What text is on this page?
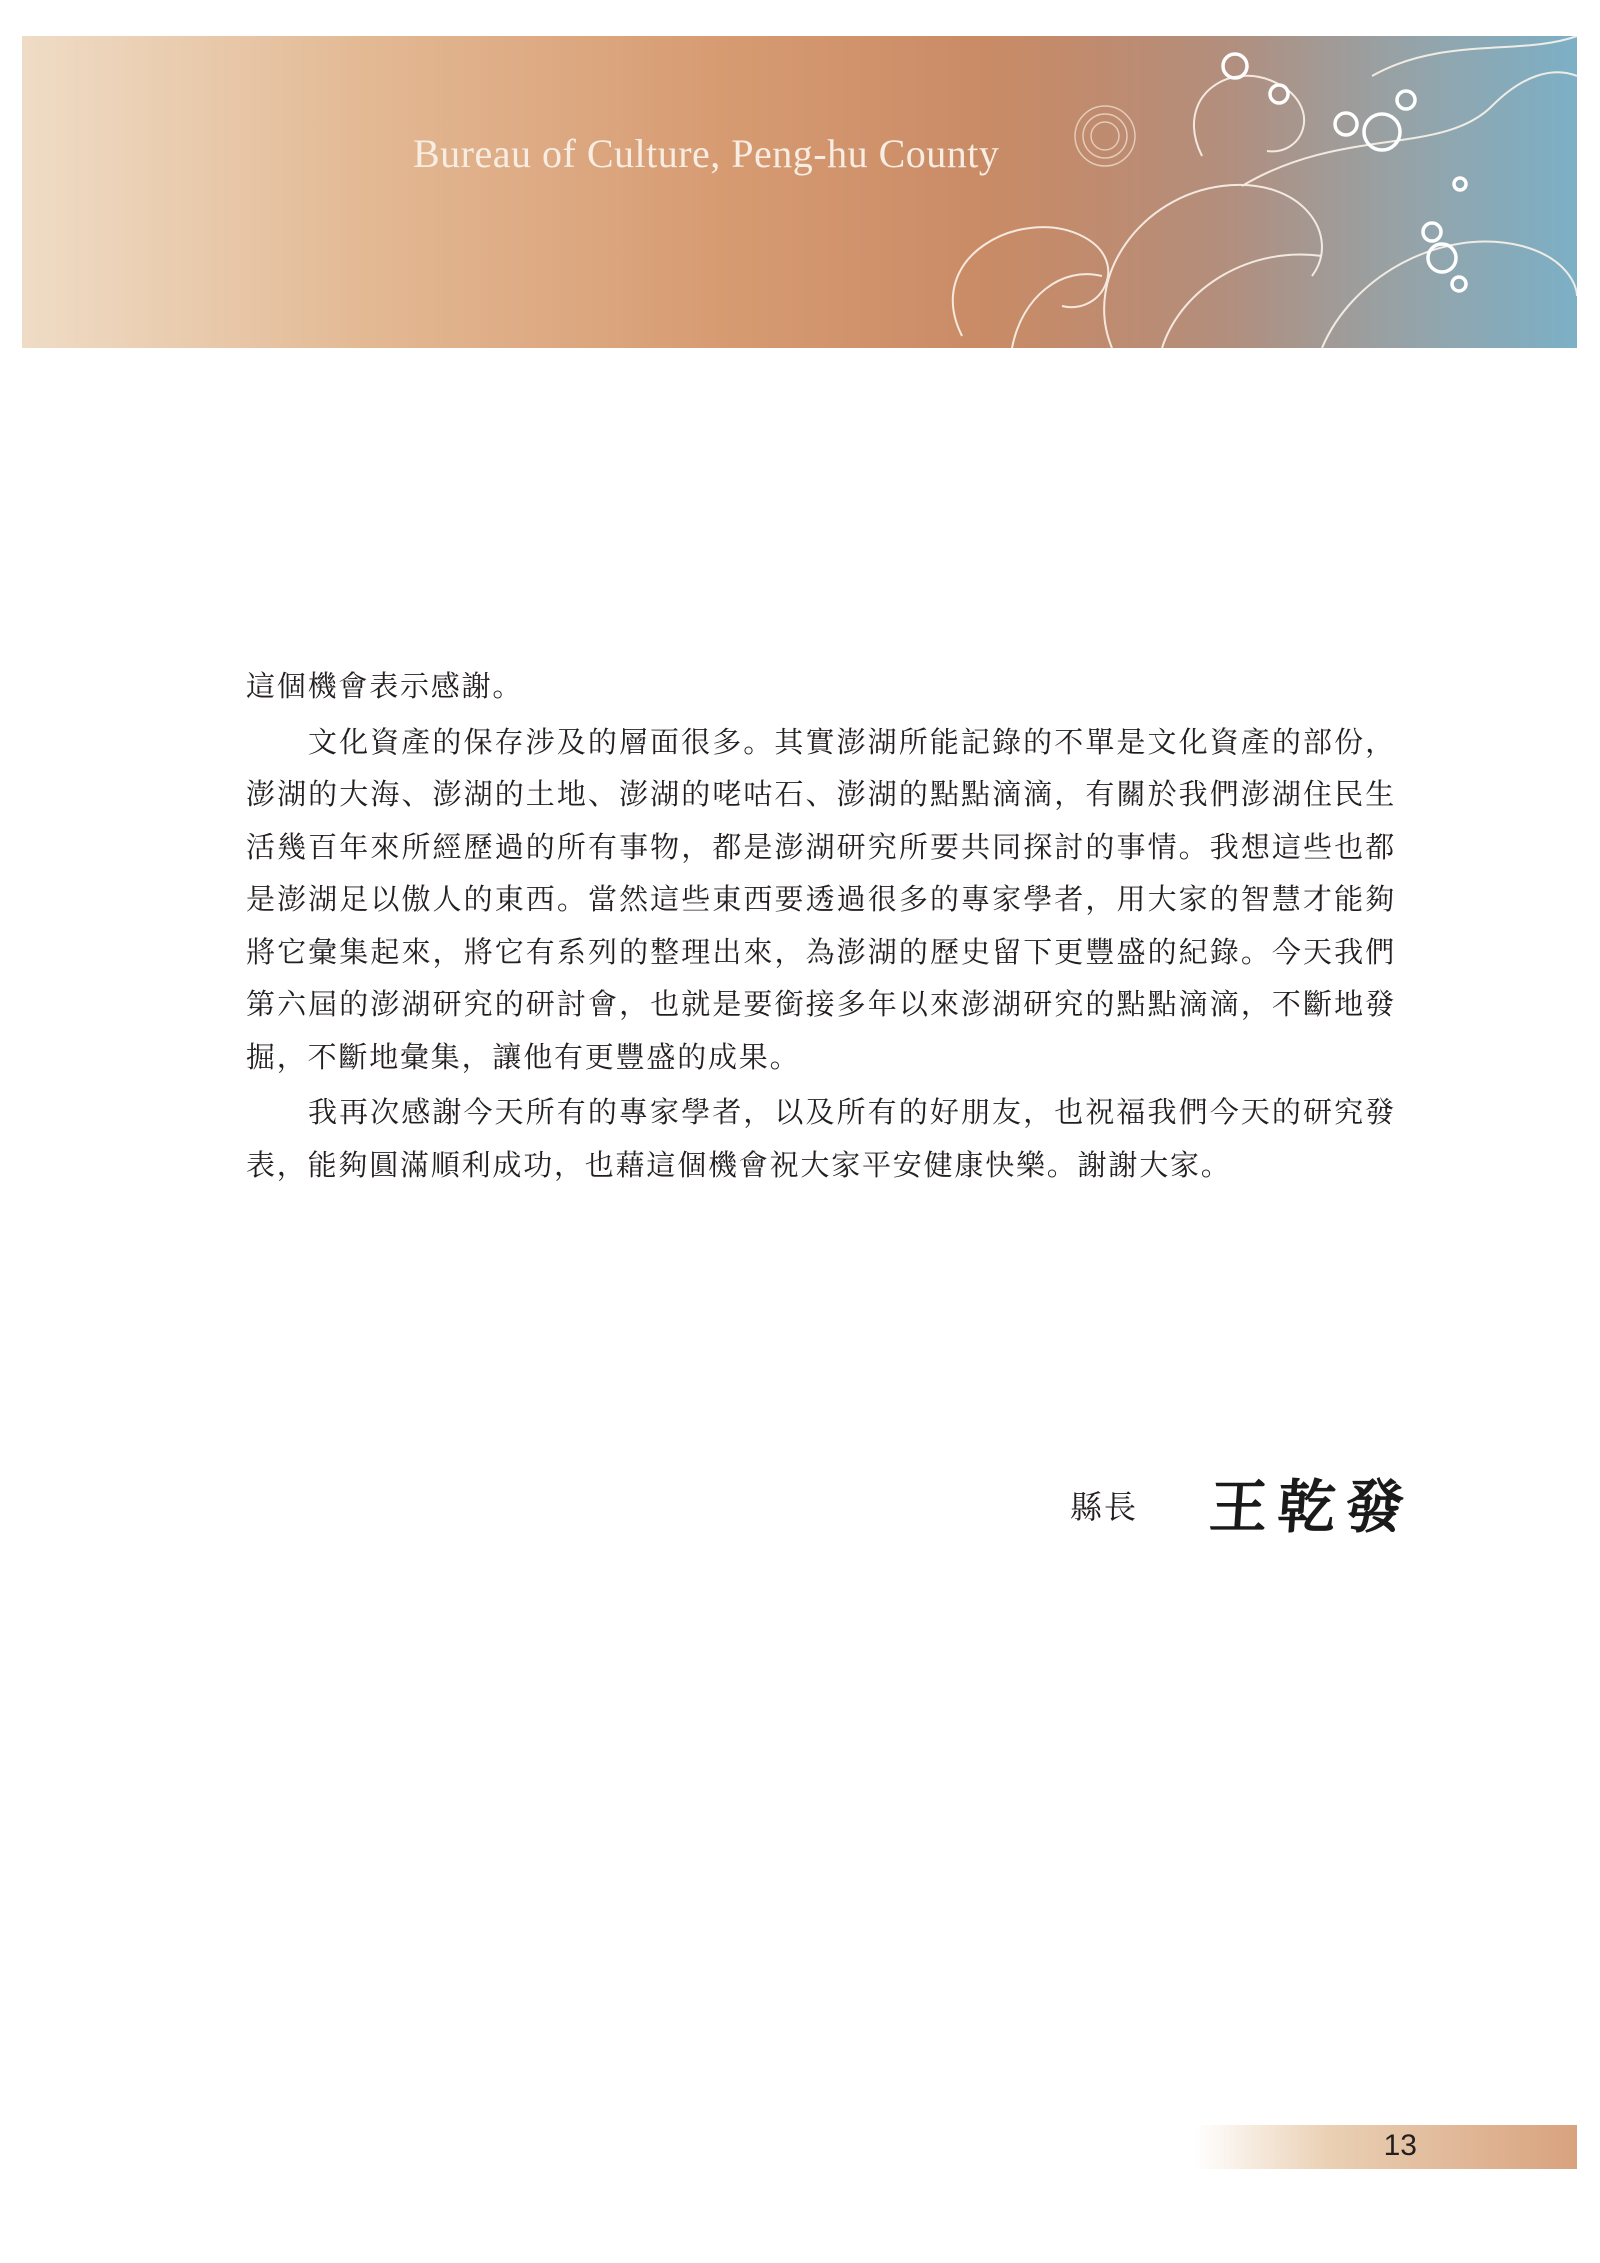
Bureau of Culture, Peng-hu County

這個機會表示感謝。

文化資產的保存涉及的層面很多。其實澎湖所能記錄的不單是文化資產的部份，澎湖的大海、澎湖的土地、澎湖的咾咕石、澎湖的點點滴滴，有關於我們澎湖住民生活幾百年來所經歷過的所有事物，都是澎湖研究所要共同探討的事情。我想這些也都是澎湖足以傲人的東西。當然這些東西要透過很多的專家學者，用大家的智慧才能夠將它彙集起來，將它有系列的整理出來，為澎湖的歷史留下更豐盛的紀錄。今天我們第六屆的澎湖研究的研討會，也就是要銜接多年以來澎湖研究的點點滴滴，不斷地發掘，不斷地彙集，讓他有更豐盛的成果。

我再次感謝今天所有的專家學者，以及所有的好朋友，也祝福我們今天的研究發表，能夠圓滿順利成功，也藉這個機會祝大家平安健康快樂。謝謝大家。

縣長 王乾發
13
